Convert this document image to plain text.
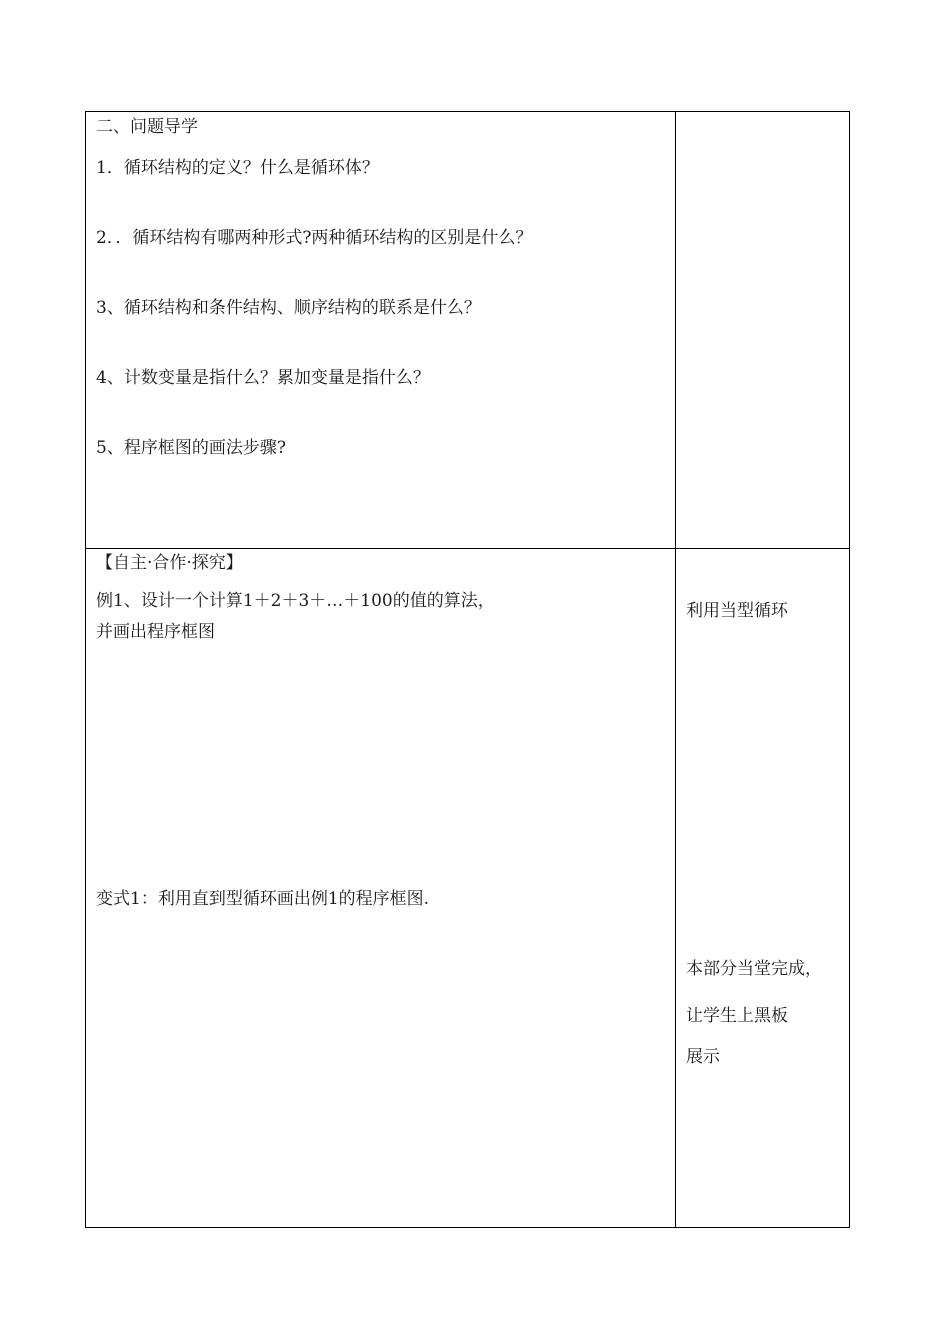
二、问题导学
1．循环结构的定义？什么是循环体？
2．．循环结构有哪两种形式?两种循环结构的区别是什么？
3、循环结构和条件结构、顺序结构的联系是什么？
4、计数变量是指什么？累加变量是指什么？
5、程序框图的画法步骤?
【自主·合作·探究】
例1、设计一个计算1＋2＋3＋…＋100的值的算法，
并画出程序框图
变式1：利用直到型循环画出例1的程序框图.
利用当型循环
本部分当堂完成，
让学生上黑板
展示
